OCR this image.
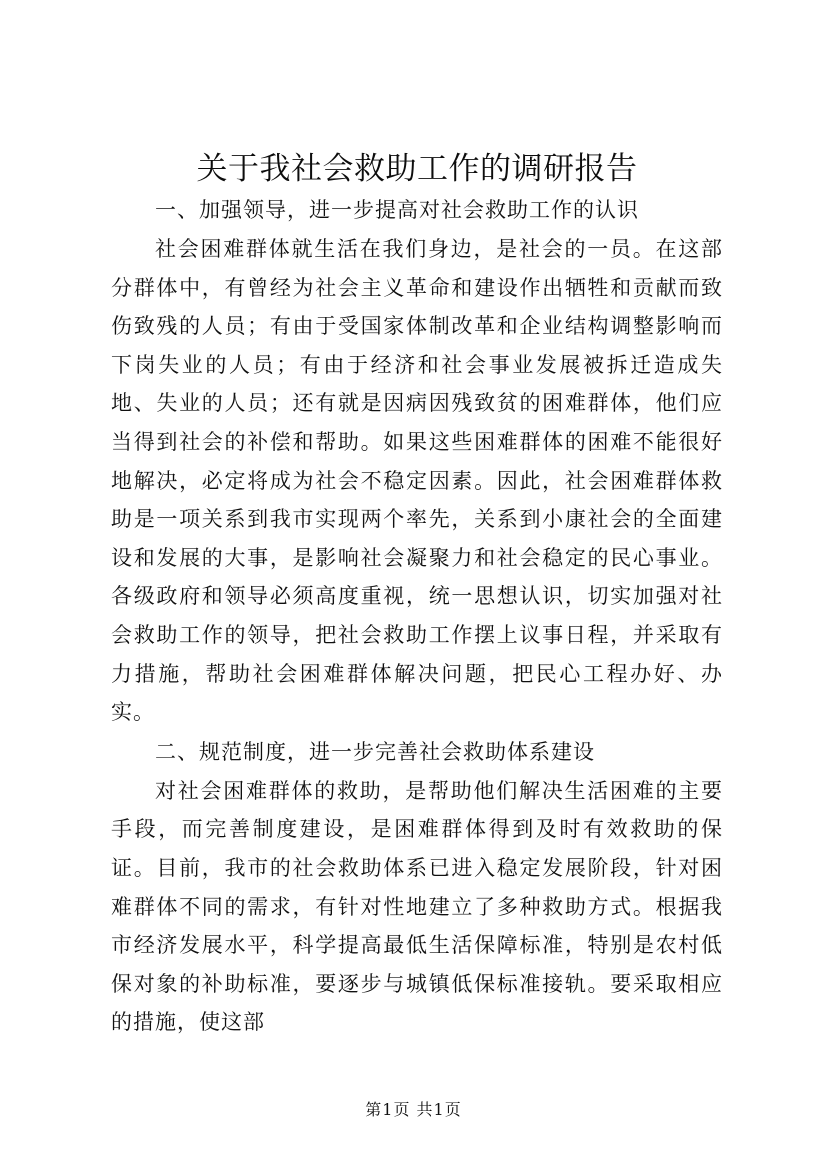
关于我社会救助工作的调研报告

一、加强领导，进一步提高对社会救助工作的认识

社会困难群体就生活在我们身边，是社会的一员。在这部分群体中，有曾经为社会主义革命和建设作出牺牲和贡献而致伤致残的人员；有由于受国家体制改革和企业结构调整影响而下岗失业的人员；有由于经济和社会事业发展被拆迁造成失地、失业的人员；还有就是因病因残致贫的困难群体，他们应当得到社会的补偿和帮助。如果这些困难群体的困难不能很好地解决，必定将成为社会不稳定因素。因此，社会困难群体救助是一项关系到我市实现两个率先，关系到小康社会的全面建设和发展的大事，是影响社会凝聚力和社会稳定的民心事业。各级政府和领导必须高度重视，统一思想认识，切实加强对社会救助工作的领导，把社会救助工作摆上议事日程，并采取有力措施，帮助社会困难群体解决问题，把民心工程办好、办实。

二、规范制度，进一步完善社会救助体系建设

对社会困难群体的救助，是帮助他们解决生活困难的主要手段，而完善制度建设，是困难群体得到及时有效救助的保证。目前，我市的社会救助体系已进入稳定发展阶段，针对困难群体不同的需求，有针对性地建立了多种救助方式。根据我市经济发展水平，科学提高最低生活保障标准，特别是农村低保对象的补助标准，要逐步与城镇低保标准接轨。要采取相应的措施，使这部

第1页 共1页
